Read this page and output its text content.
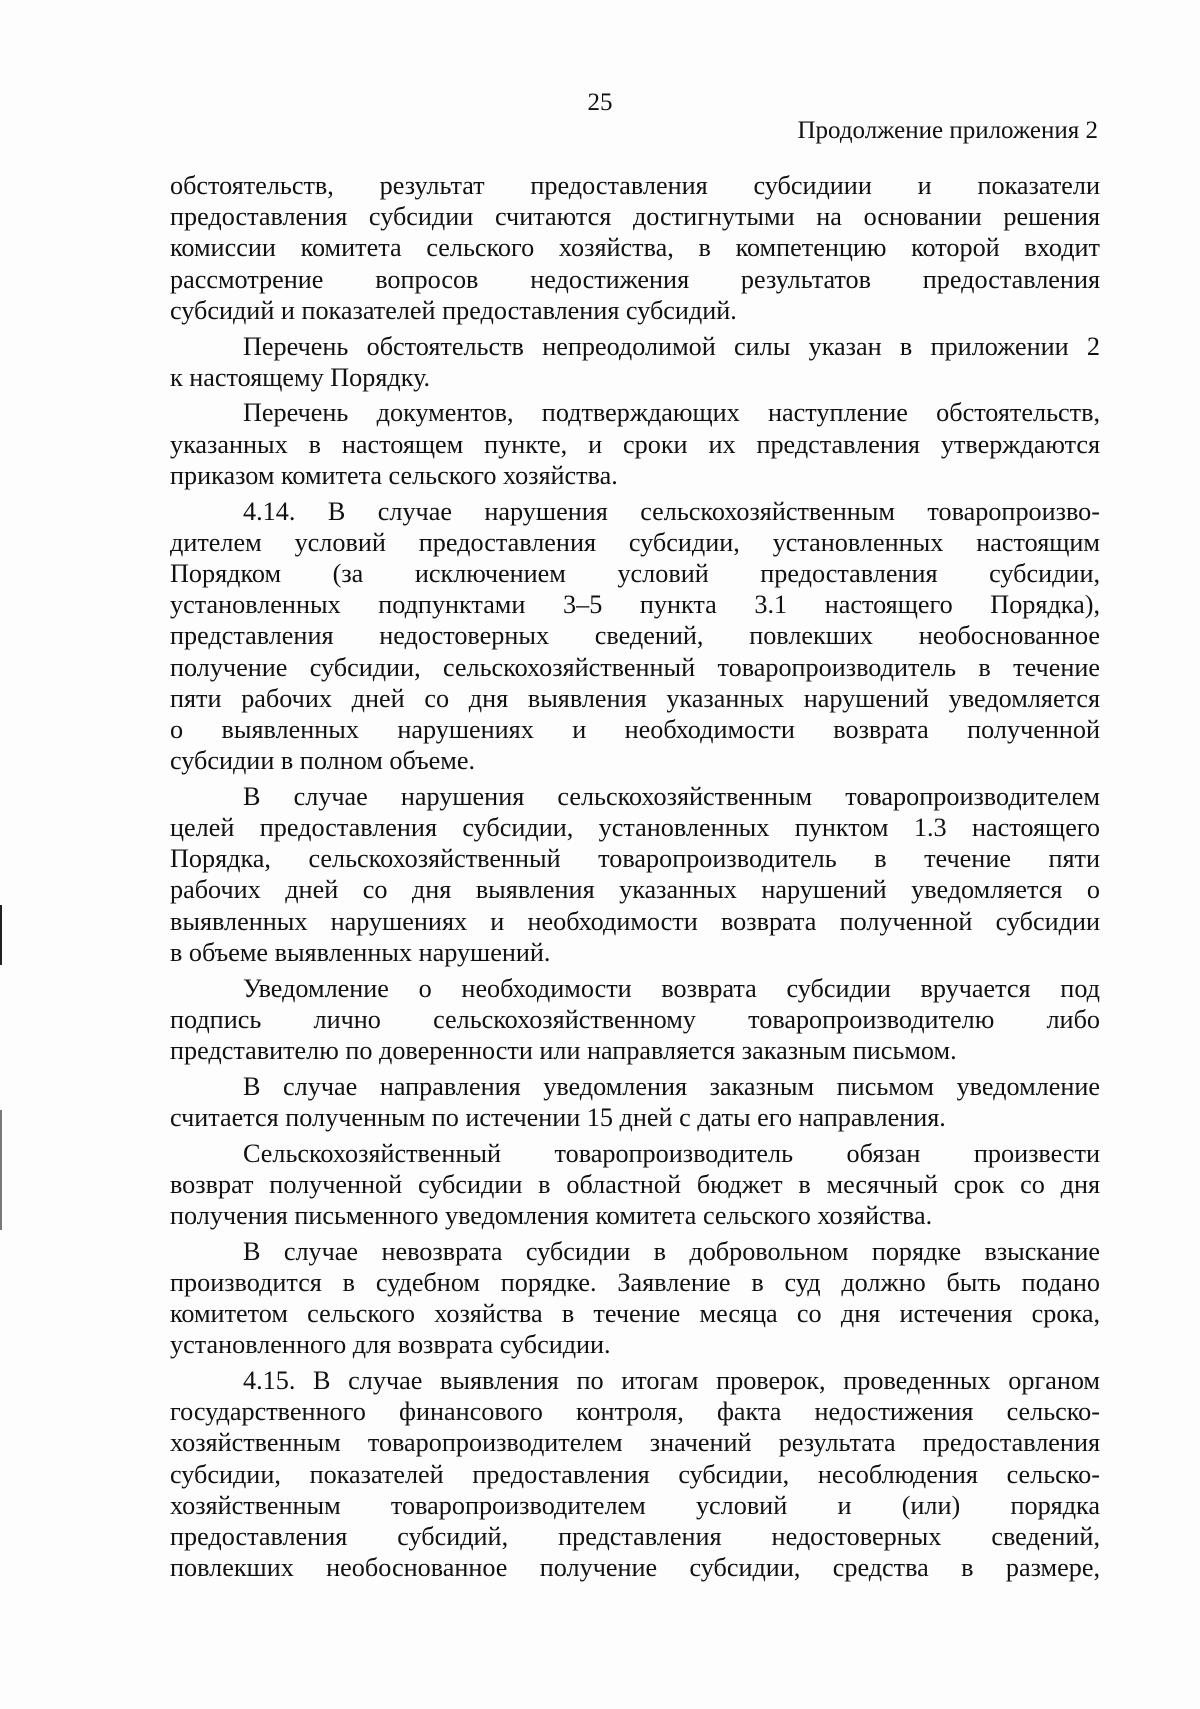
25
Продолжение приложения 2

обстоятельств, результат предоставления субсидиии и показатели
предоставления субсидии считаются достигнутыми на основании решения
комиссии комитета сельского хозяйства, в компетенцию которой входит
рассмотрение вопросов недостижения результатов предоставления
субсидий и показателей предоставления субсидий.

Перечень обстоятельств непреодолимой силы указан в приложении 2
к настоящему Порядку.

Перечень документов, подтверждающих наступление обстоятельств,
указанных в настоящем пункте, и сроки их представления утверждаются
приказом комитета сельского хозяйства.

4.14. В случае нарушения сельскохозяйственным товаропроизво-
дителем условий предоставления субсидии, установленных настоящим
Порядком (за исключением условий предоставления субсидии,
установленных подпунктами 3–5 пункта 3.1 настоящего Порядка),
представления недостоверных сведений, повлекших необоснованное
получение субсидии, сельскохозяйственный товаропроизводитель в течение
пяти рабочих дней со дня выявления указанных нарушений уведомляется
о выявленных нарушениях и необходимости возврата полученной
субсидии в полном объеме.

В случае нарушения сельскохозяйственным товаропроизводителем
целей предоставления субсидии, установленных пунктом 1.3 настоящего
Порядка, сельскохозяйственный товаропроизводитель в течение пяти
рабочих дней со дня выявления указанных нарушений уведомляется о
выявленных нарушениях и необходимости возврата полученной субсидии
в объеме выявленных нарушений.

Уведомление о необходимости возврата субсидии вручается под
подпись лично сельскохозяйственному товаропроизводителю либо
представителю по доверенности или направляется заказным письмом.

В случае направления уведомления заказным письмом уведомление
считается полученным по истечении 15 дней с даты его направления.

Сельскохозяйственный товаропроизводитель обязан произвести
возврат полученной субсидии в областной бюджет в месячный срок со дня
получения письменного уведомления комитета сельского хозяйства.

В случае невозврата субсидии в добровольном порядке взыскание
производится в судебном порядке. Заявление в суд должно быть подано
комитетом сельского хозяйства в течение месяца со дня истечения срока,
установленного для возврата субсидии.

4.15. В случае выявления по итогам проверок, проведенных органом
государственного финансового контроля, факта недостижения сельско-
хозяйственным товаропроизводителем значений результата предоставления
субсидии, показателей предоставления субсидии, несоблюдения сельско-
хозяйственным товаропроизводителем условий и (или) порядка
предоставления субсидий, представления недостоверных сведений,
повлекших необоснованное получение субсидии, средства в размере,
